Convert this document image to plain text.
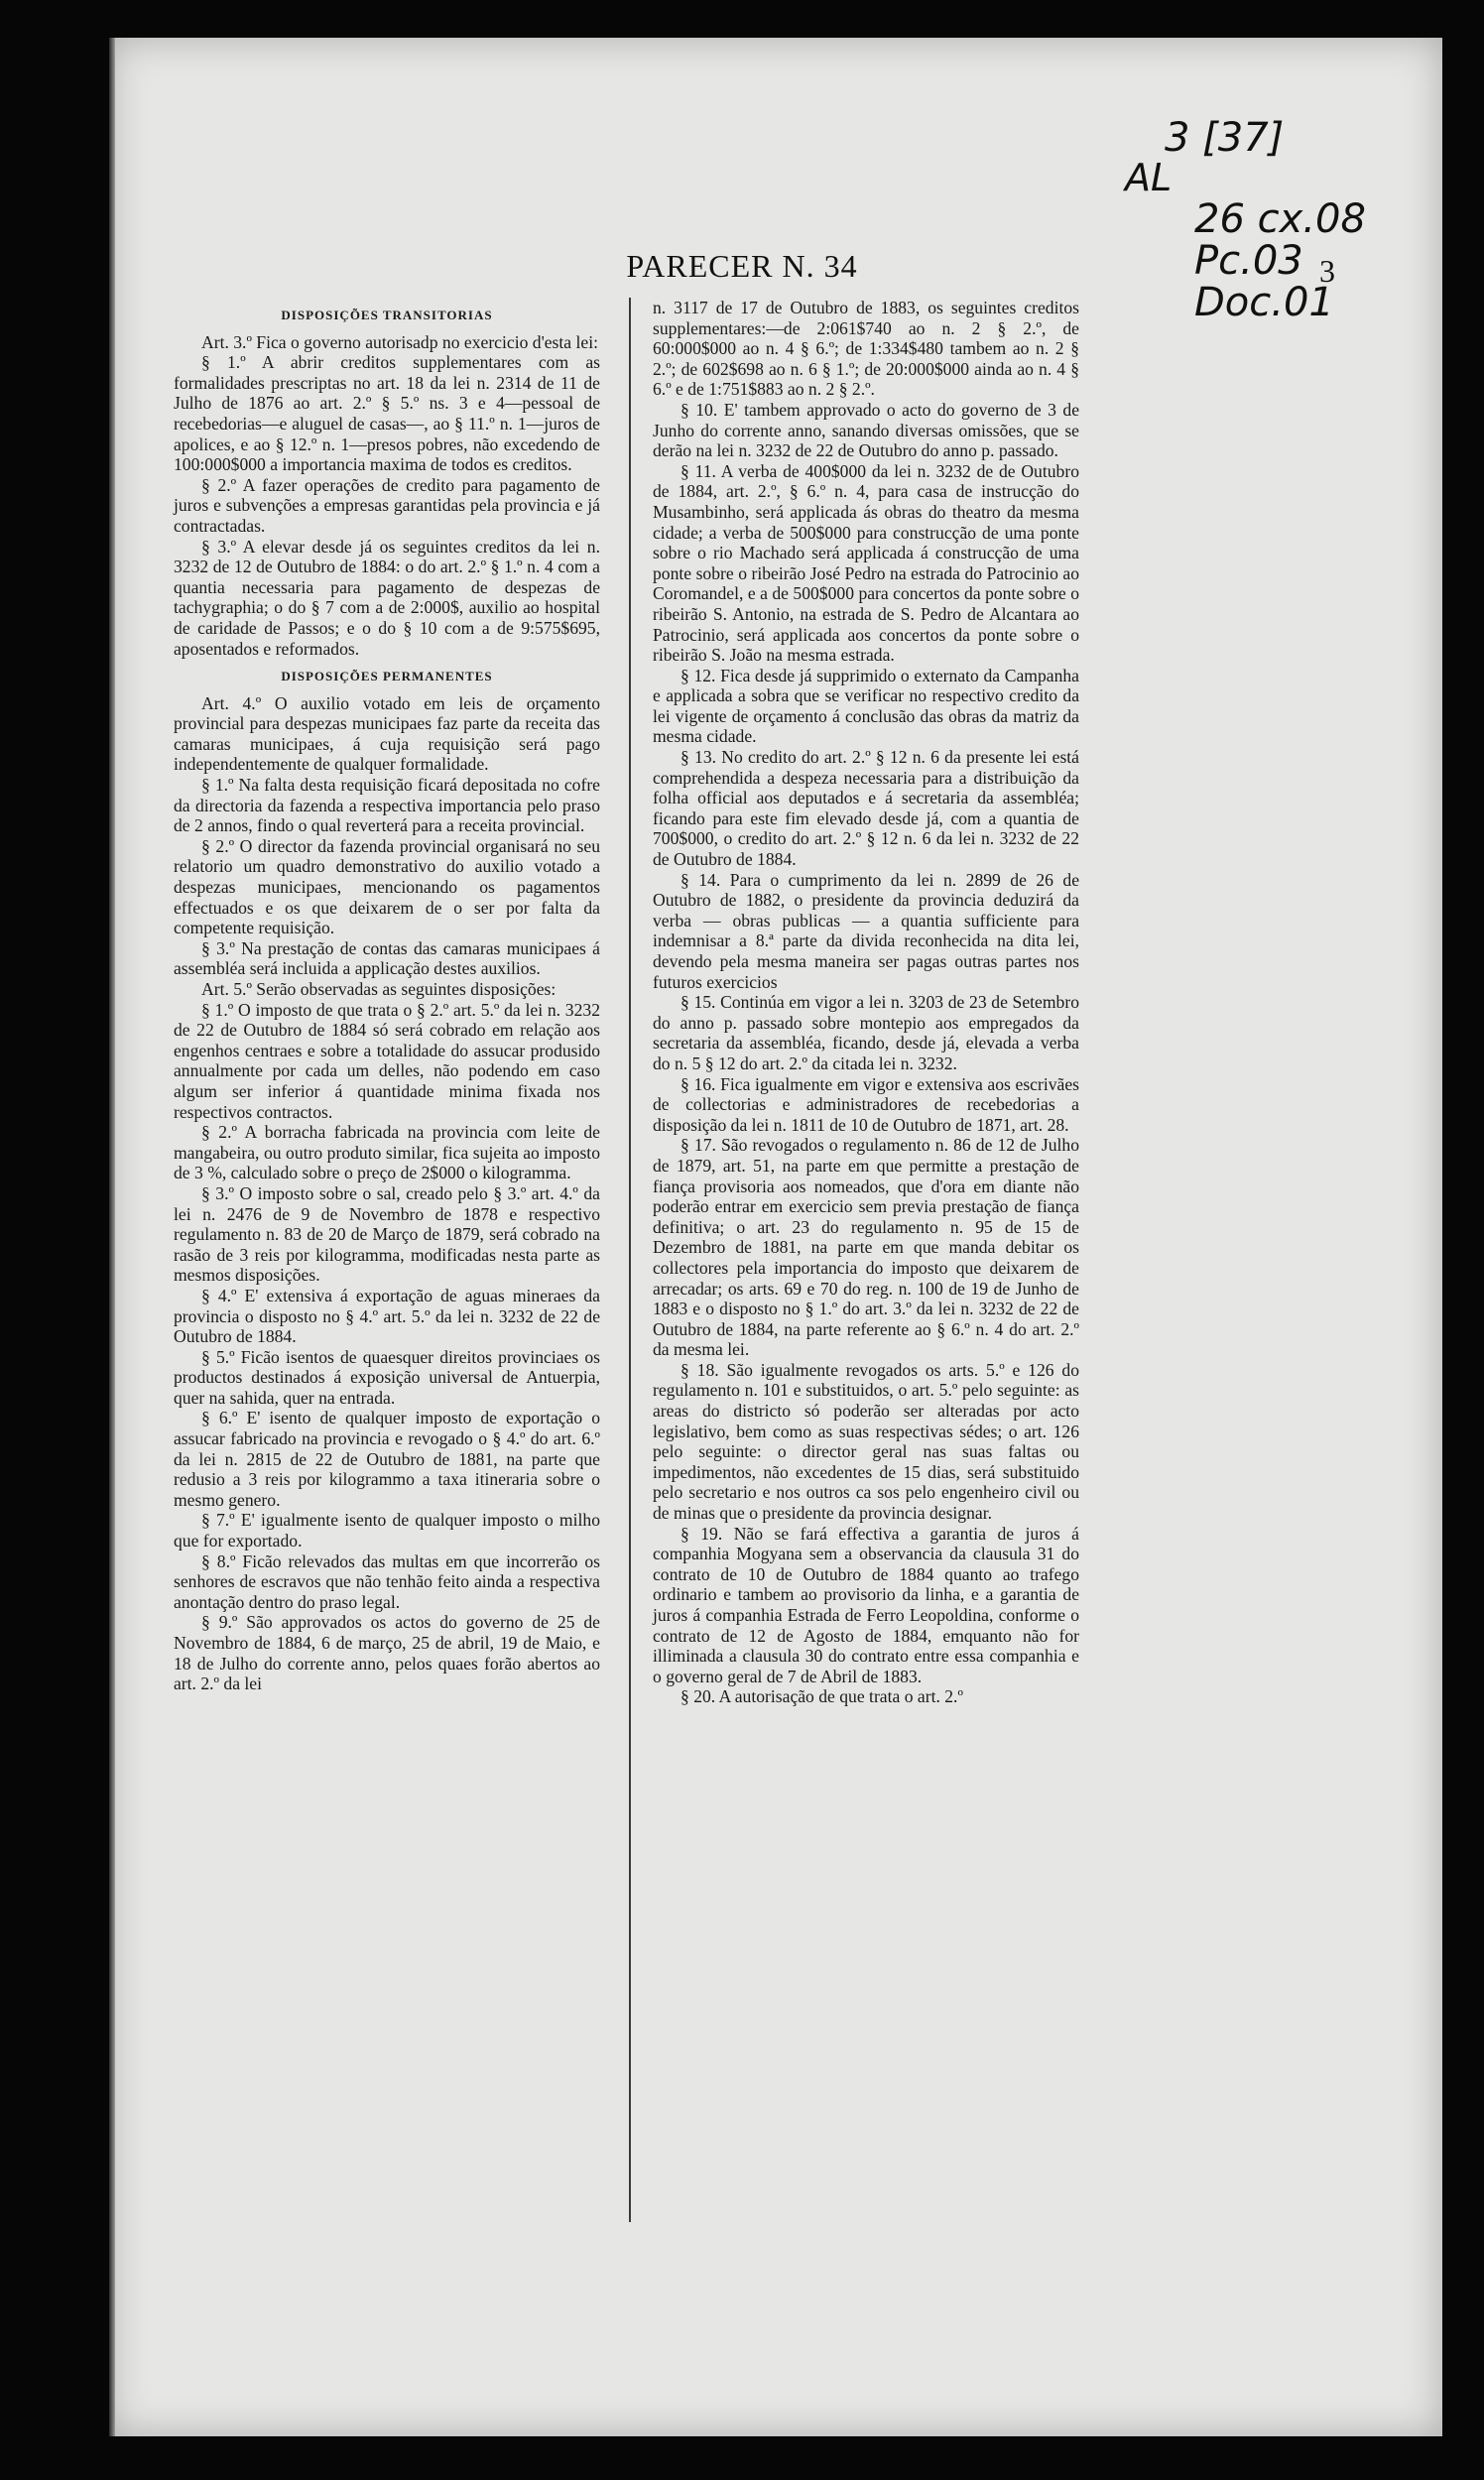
3 [37]
AL
26 cx.08
Pc.03
Doc.01
PARECER N. 34	3
DISPOSIÇÕES TRANSITORIAS

Art. 3.º Fica o governo autorisadp no exercicio d'esta lei:

§ 1.º A abrir creditos supplementares com as formalidades prescriptas no art. 18 da lei n. 2314 de 11 de Julho de 1876 ao art. 2.º § 5.º ns. 3 e 4—pessoal de recebedorias—e aluguel de casas—, ao § 11.º n. 1—juros de apolices, e ao § 12.º n. 1—presos pobres, não excedendo de 100:000$000 a importancia maxima de todos es creditos.

§ 2.º A fazer operações de credito para pagamento de juros e subvenções a empresas garantidas pela provincia e já contractadas.

§ 3.º A elevar desde já os seguintes creditos da lei n. 3232 de 12 de Outubro de 1884: o do art. 2.º § 1.º n. 4 com a quantia necessaria para pagamento de despezas de tachygraphia; o do § 7 com a de 2:000$, auxilio ao hospital de caridade de Passos; e o do § 10 com a de 9:575$695, aposentados e reformados.

DISPOSIÇÕES PERMANENTES

Art. 4.º O auxilio votado em leis de orçamento provincial para despezas municipaes faz parte da receita das camaras municipaes, á cuja requisição será pago independentemente de qualquer formalidade.

§ 1.º Na falta desta requisição ficará depositada no cofre da directoria da fazenda a respectiva importancia pelo praso de 2 annos, findo o qual reverterá para a receita provincial.

§ 2.º O director da fazenda provincial organisará no seu relatorio um quadro demonstrativo do auxilio votado a despezas municipaes, mencionando os pagamentos effectuados e os que deixarem de o ser por falta da competente requisição.

§ 3.º Na prestação de contas das camaras municipaes á assembléa será incluida a applicação destes auxilios.

Art. 5.º Serão observadas as seguintes disposições:

§ 1.º O imposto de que trata o § 2.º art. 5.º da lei n. 3232 de 22 de Outubro de 1884 só será cobrado em relação aos engenhos centraes e sobre a totalidade do assucar produsido annualmente por cada um delles, não podendo em caso algum ser inferior á quantidade minima fixada nos respectivos contractos.

§ 2.º A borracha fabricada na provincia com leite de mangabeira, ou outro produto similar, fica sujeita ao imposto de 3 %, calculado sobre o preço de 2$000 o kilogramma.

§ 3.º O imposto sobre o sal, creado pelo § 3.º art. 4.º da lei n. 2476 de 9 de Novembro de 1878 e respectivo regulamento n. 83 de 20 de Março de 1879, será cobrado na rasão de 3 reis por kilogramma, modificadas nesta parte as mesmos disposições.

§ 4.º E' extensiva á exportação de aguas mineraes da provincia o disposto no § 4.º art. 5.º da lei n. 3232 de 22 de Outubro de 1884.

§ 5.º Ficão isentos de quaesquer direitos provinciaes os productos destinados á exposição universal de Antuerpia, quer na sahida, quer na entrada.

§ 6.º E' isento de qualquer imposto de exportação o assucar fabricado na provincia e revogado o § 4.º do art. 6.º da lei n. 2815 de 22 de Outubro de 1881, na parte que redusio a 3 reis por kilogrammo a taxa itineraria sobre o mesmo genero.

§ 7.º E' igualmente isento de qualquer imposto o milho que for exportado.

§ 8.º Ficão relevados das multas em que incorrerão os senhores de escravos que não tenhão feito ainda a respectiva anontação dentro do praso legal.

§ 9.º São approvados os actos do governo de 25 de Novembro de 1884, 6 de março, 25 de abril, 19 de Maio, e 18 de Julho do corrente anno, pelos quaes forão abertos ao art. 2.º da lei

n. 3117 de 17 de Outubro de 1883, os seguintes creditos supplementares:—de 2:061$740 ao n. 2 § 2.º, de 60:000$000 ao n. 4 § 6.º; de 1:334$480 tambem ao n. 2 § 2.º; de 602$698 ao n. 6 § 1.º; de 20:000$000 ainda ao n. 4 § 6.º e de 1:751$883 ao n. 2 § 2.º.

§ 10. E' tambem approvado o acto do governo de 3 de Junho do corrente anno, sanando diversas omissões, que se derão na lei n. 3232 de 22 de Outubro do anno p. passado.

§ 11. A verba de 400$000 da lei n. 3232 de de Outubro de 1884, art. 2.º, § 6.º n. 4, para casa de instrucção do Musambinho, será applicada ás obras do theatro da mesma cidade; a verba de 500$000 para construcção de uma ponte sobre o rio Machado será applicada á construcção de uma ponte sobre o ribeirão José Pedro na estrada do Patrocinio ao Coromandel, e a de 500$000 para concertos da ponte sobre o ribeirão S. Antonio, na estrada de S. Pedro de Alcantara ao Patrocinio, será applicada aos concertos da ponte sobre o ribeirão S. João na mesma estrada.

§ 12. Fica desde já supprimido o externato da Campanha e applicada a sobra que se verificar no respectivo credito da lei vigente de orçamento á conclusão das obras da matriz da mesma cidade.

§ 13. No credito do art. 2.º § 12 n. 6 da presente lei está comprehendida a despeza necessaria para a distribuição da folha official aos deputados e á secretaria da assembléa; ficando para este fim elevado desde já, com a quantia de 700$000, o credito do art. 2.º § 12 n. 6 da lei n. 3232 de 22 de Outubro de 1884.

§ 14. Para o cumprimento da lei n. 2899 de 26 de Outubro de 1882, o presidente da provincia deduzirá da verba — obras publicas — a quantia sufficiente para indemnisar a 8.ª parte da divida reconhecida na dita lei, devendo pela mesma maneira ser pagas outras partes nos futuros exercicios

§ 15. Continúa em vigor a lei n. 3203 de 23 de Setembro do anno p. passado sobre montepio aos empregados da secretaria da assembléa, ficando, desde já, elevada a verba do n. 5 § 12 do art. 2.º da citada lei n. 3232.

§ 16. Fica igualmente em vigor e extensiva aos escrivães de collectorias e administradores de recebedorias a disposição da lei n. 1811 de 10 de Outubro de 1871, art. 28.

§ 17. São revogados o regulamento n. 86 de 12 de Julho de 1879, art. 51, na parte em que permitte a prestação de fiança provisoria aos nomeados, que d'ora em diante não poderão entrar em exercicio sem previa prestação de fiança definitiva; o art. 23 do regulamento n. 95 de 15 de Dezembro de 1881, na parte em que manda debitar os collectores pela importancia do imposto que deixarem de arrecadar; os arts. 69 e 70 do reg. n. 100 de 19 de Junho de 1883 e o disposto no § 1.º do art. 3.º da lei n. 3232 de 22 de Outubro de 1884, na parte referente ao § 6.º n. 4 do art. 2.º da mesma lei.

§ 18. São igualmente revogados os arts. 5.º e 126 do regulamento n. 101 e substituidos, o art. 5.º pelo seguinte: as areas do districto só poderão ser alteradas por acto legislativo, bem como as suas respectivas sédes; o art. 126 pelo seguinte: o director geral nas suas faltas ou impedimentos, não excedentes de 15 dias, será substituido pelo secretario e nos outros ca sos pelo engenheiro civil ou de minas que o presidente da provincia designar.

§ 19. Não se fará effectiva a garantia de juros á companhia Mogyana sem a observancia da clausula 31 do contrato de 10 de Outubro de 1884 quanto ao trafego ordinario e tambem ao provisorio da linha, e a garantia de juros á companhia Estrada de Ferro Leopoldina, conforme o contrato de 12 de Agosto de 1884, emquanto não for illiminada a clausula 30 do contrato entre essa companhia e o governo geral de 7 de Abril de 1883.

§ 20. A autorisação de que trata o art. 2.º
